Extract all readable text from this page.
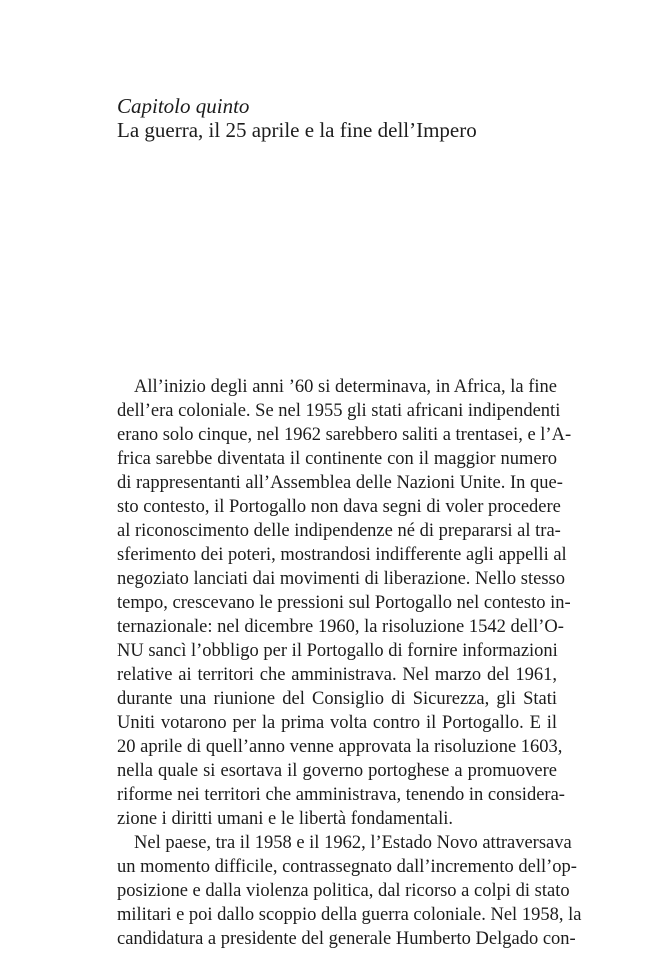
Capitolo quinto
La guerra, il 25 aprile e la fine dell’Impero
All’inizio degli anni ’60 si determinava, in Africa, la fine
dell’era coloniale. Se nel 1955 gli stati africani indipendenti
erano solo cinque, nel 1962 sarebbero saliti a trentasei, e l’A-
frica sarebbe diventata il continente con il maggior numero
di rappresentanti all’Assemblea delle Nazioni Unite. In que-
sto contesto, il Portogallo non dava segni di voler procedere
al riconoscimento delle indipendenze né di prepararsi al tra-
sferimento dei poteri, mostrandosi indifferente agli appelli al
negoziato lanciati dai movimenti di liberazione. Nello stesso
tempo, crescevano le pressioni sul Portogallo nel contesto in-
ternazionale: nel dicembre 1960, la risoluzione 1542 dell’O-
NU sancì l’obbligo per il Portogallo di fornire informazioni
relative ai territori che amministrava. Nel marzo del 1961,
durante una riunione del Consiglio di Sicurezza, gli Stati
Uniti votarono per la prima volta contro il Portogallo. E il
20 aprile di quell’anno venne approvata la risoluzione 1603,
nella quale si esortava il governo portoghese a promuovere
riforme nei territori che amministrava, tenendo in considera-
zione i diritti umani e le libertà fondamentali.
Nel paese, tra il 1958 e il 1962, l’Estado Novo attraversava
un momento difficile, contrassegnato dall’incremento dell’op-
posizione e dalla violenza politica, dal ricorso a colpi di stato
militari e poi dallo scoppio della guerra coloniale. Nel 1958, la
candidatura a presidente del generale Humberto Delgado con-
